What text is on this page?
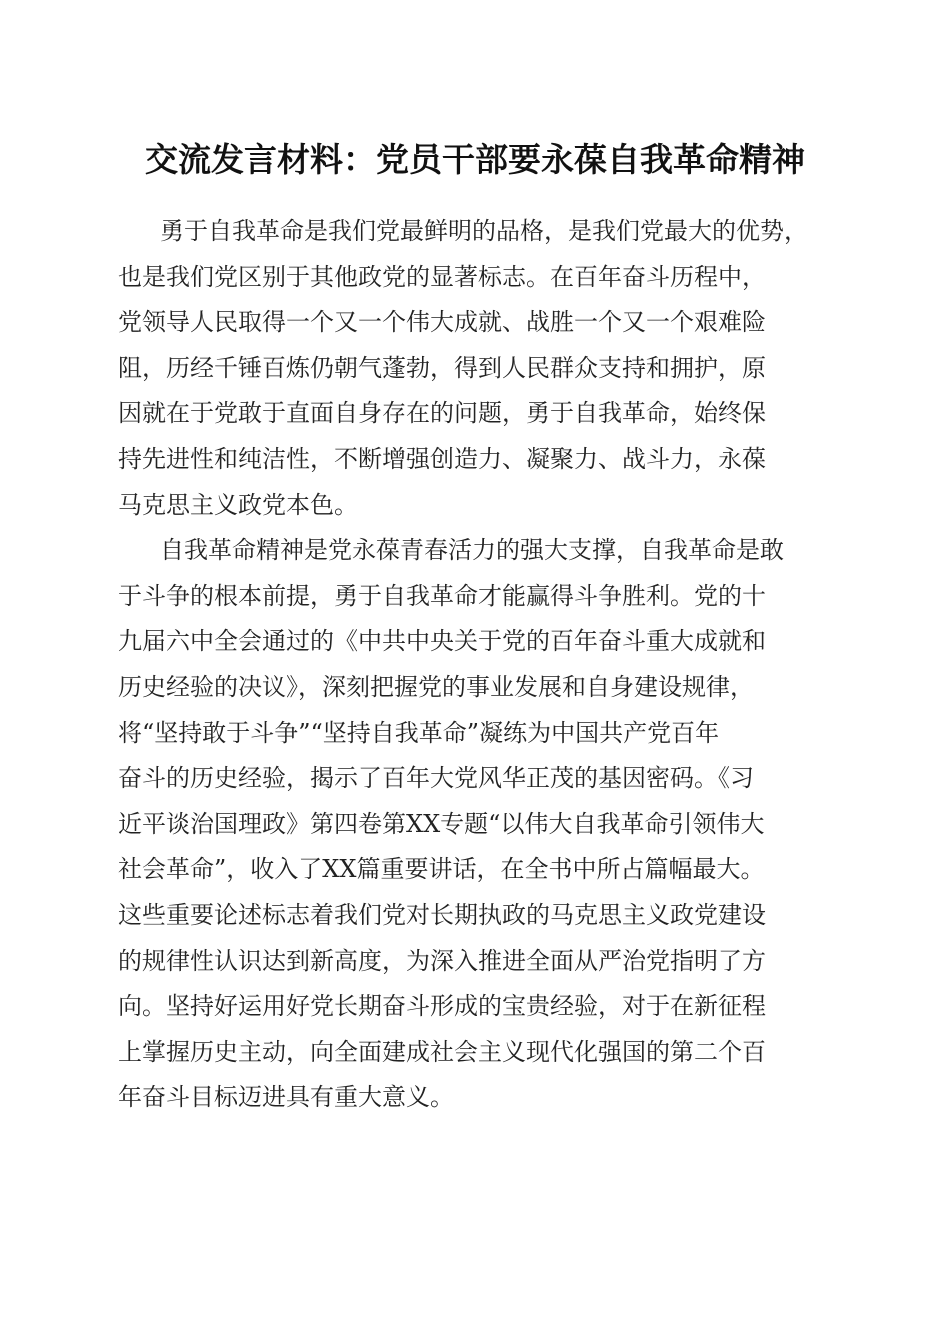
交流发言材料：党员干部要永葆自我革命精神

勇于自我革命是我们党最鲜明的品格，是我们党最大的优势，
也是我们党区别于其他政党的显著标志。在百年奋斗历程中，
党领导人民取得一个又一个伟大成就、战胜一个又一个艰难险
阻，历经千锤百炼仍朝气蓬勃，得到人民群众支持和拥护，原
因就在于党敢于直面自身存在的问题，勇于自我革命，始终保
持先进性和纯洁性，不断增强创造力、凝聚力、战斗力，永葆
马克思主义政党本色。

自我革命精神是党永葆青春活力的强大支撑，自我革命是敢
于斗争的根本前提，勇于自我革命才能赢得斗争胜利。党的十
九届六中全会通过的《中共中央关于党的百年奋斗重大成就和
历史经验的决议》，深刻把握党的事业发展和自身建设规律，
将“坚持敢于斗争”“坚持自我革命”凝练为中国共产党百年
奋斗的历史经验，揭示了百年大党风华正茂的基因密码。《习
近平谈治国理政》第四卷第XX专题“以伟大自我革命引领伟大
社会革命”，收入了XX篇重要讲话，在全书中所占篇幅最大。
这些重要论述标志着我们党对长期执政的马克思主义政党建设
的规律性认识达到新高度，为深入推进全面从严治党指明了方
向。坚持好运用好党长期奋斗形成的宝贵经验，对于在新征程
上掌握历史主动，向全面建成社会主义现代化强国的第二个百
年奋斗目标迈进具有重大意义。
